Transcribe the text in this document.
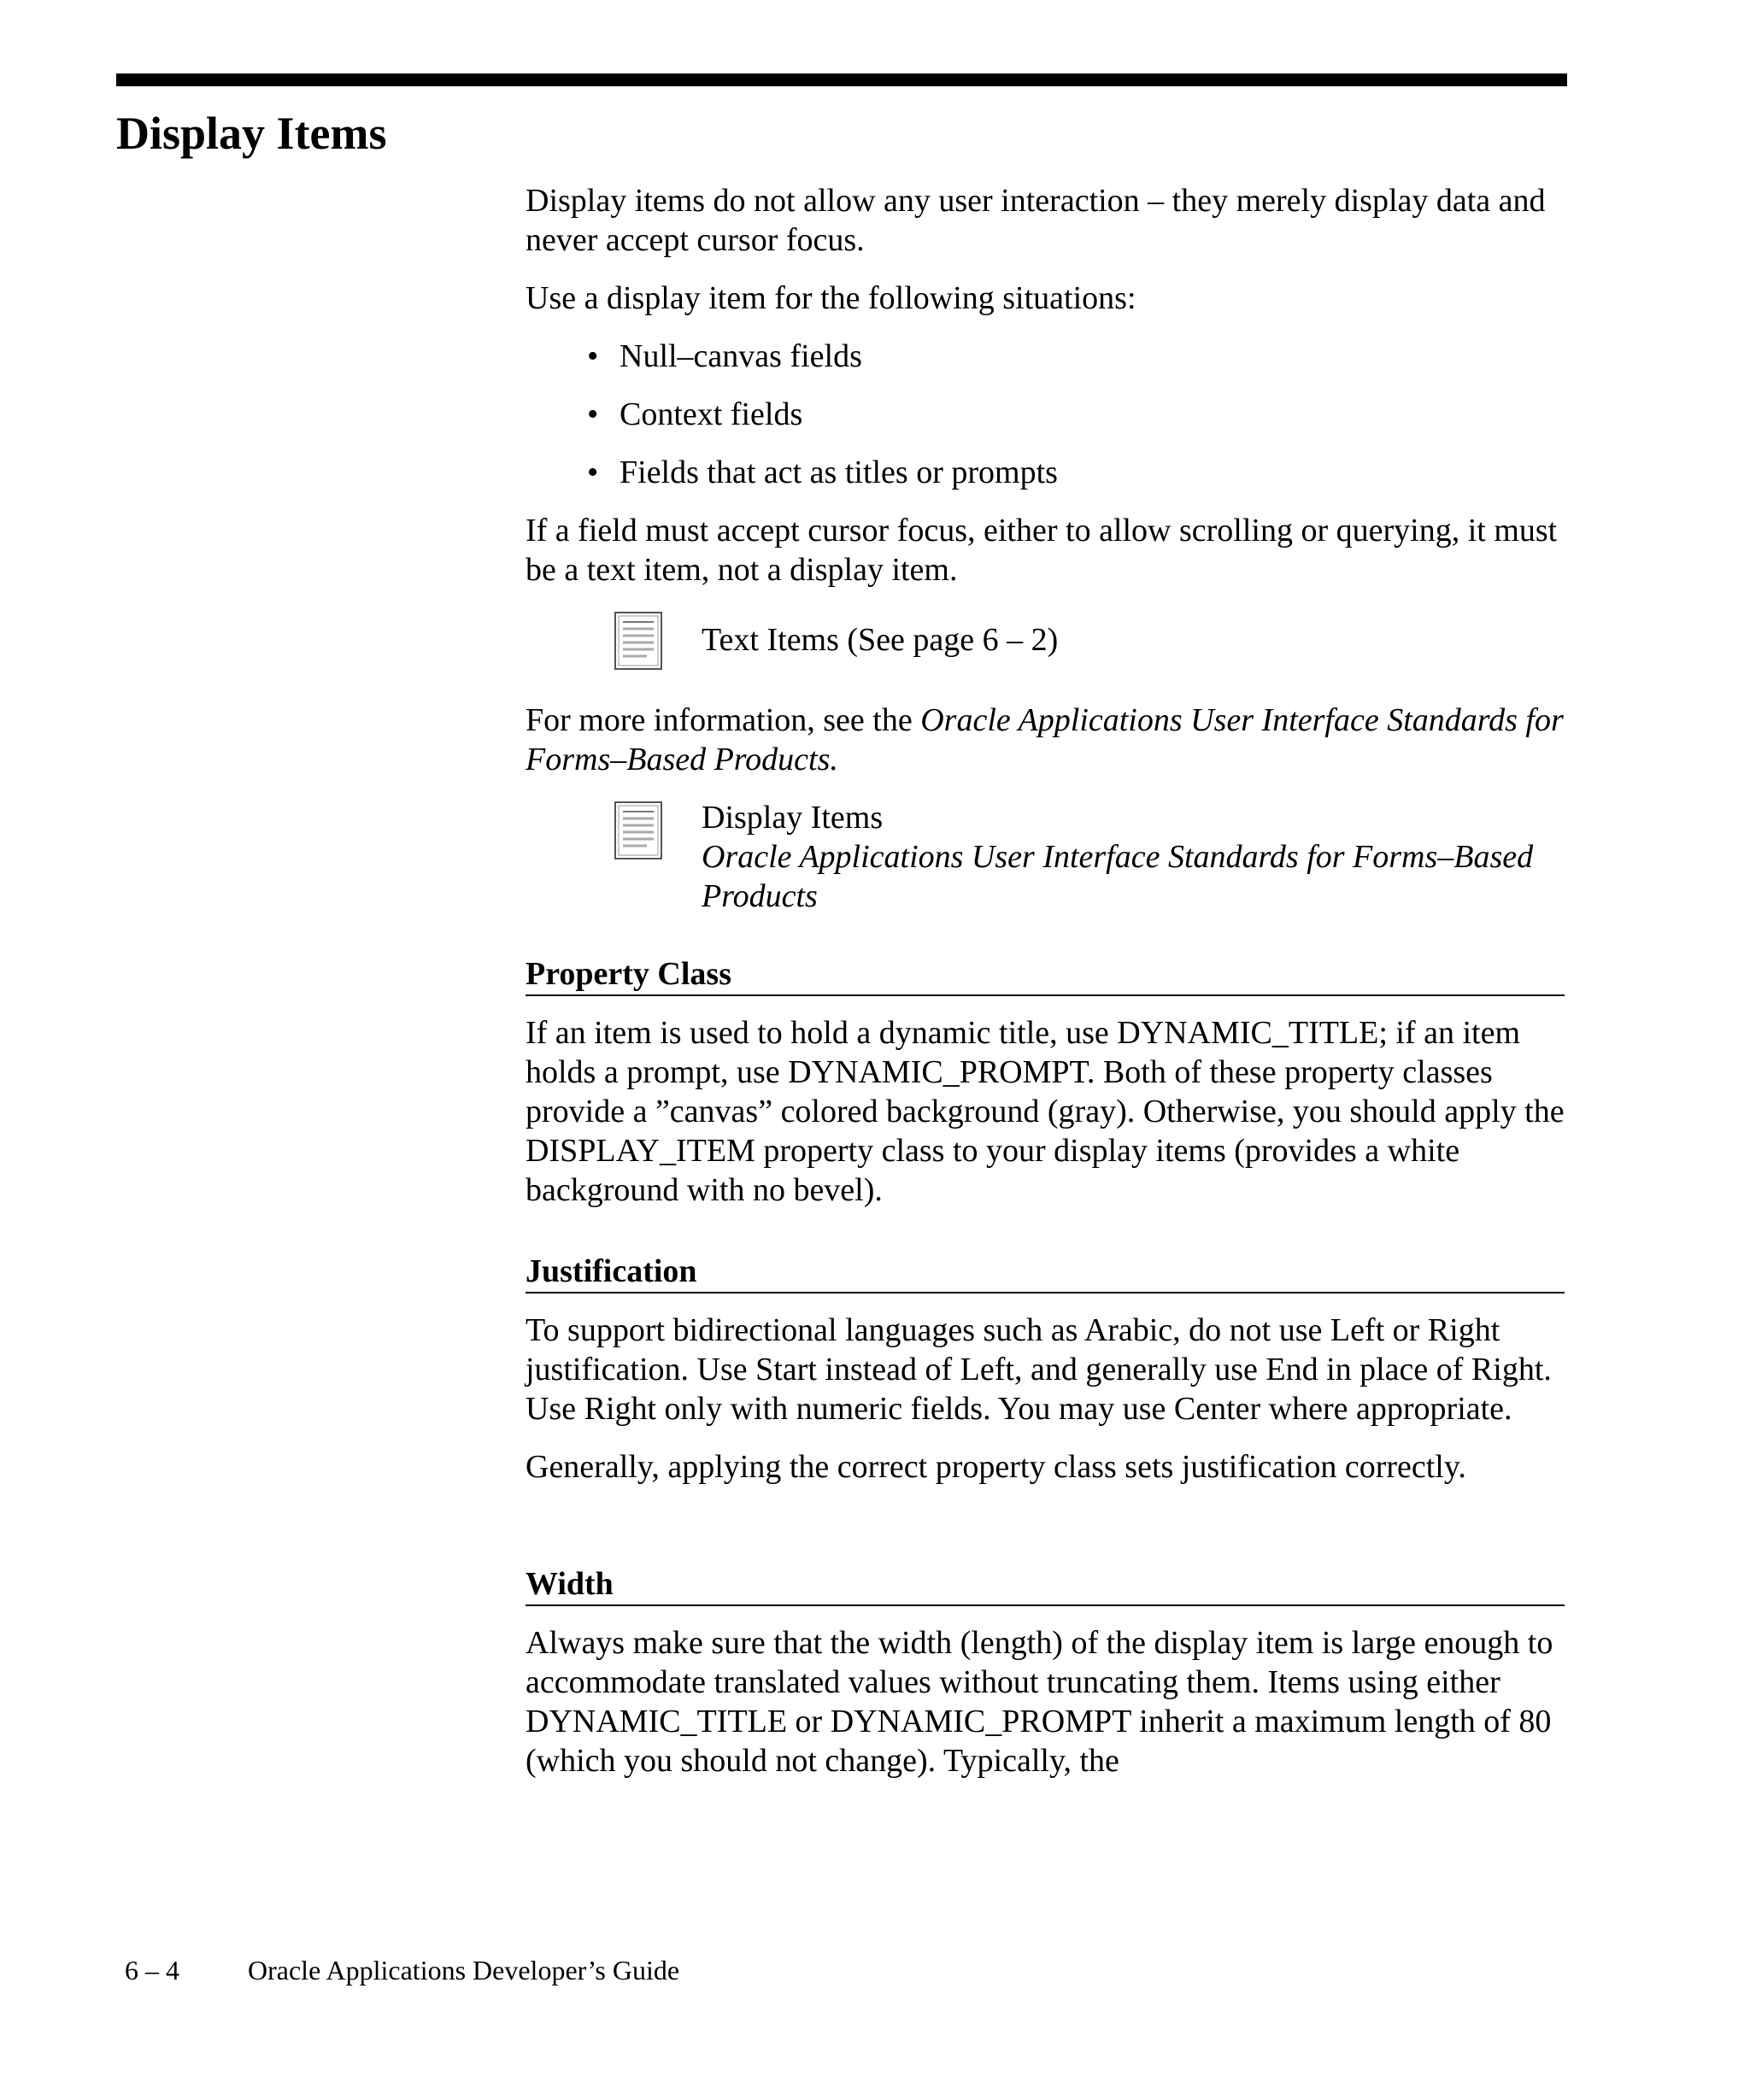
Display Items

Display items do not allow any user interaction – they merely display data and never accept cursor focus.

Use a display item for the following situations:

• Null–canvas fields
• Context fields
• Fields that act as titles or prompts

If a field must accept cursor focus, either to allow scrolling or querying, it must be a text item, not a display item.

Text Items (See page 6 – 2)

For more information, see the Oracle Applications User Interface Standards for Forms–Based Products.

Display Items
Oracle Applications User Interface Standards for Forms–Based Products
Property Class

If an item is used to hold a dynamic title, use DYNAMIC_TITLE; if an item holds a prompt, use DYNAMIC_PROMPT. Both of these property classes provide a ”canvas” colored background (gray). Otherwise, you should apply the DISPLAY_ITEM property class to your display items (provides a white background with no bevel).

Justification

To support bidirectional languages such as Arabic, do not use Left or Right justification. Use Start instead of Left, and generally use End in place of Right. Use Right only with numeric fields. You may use Center where appropriate.

Generally, applying the correct property class sets justification correctly.

Width

Always make sure that the width (length) of the display item is large enough to accommodate translated values without truncating them. Items using either DYNAMIC_TITLE or DYNAMIC_PROMPT inherit a maximum length of 80 (which you should not change). Typically, the

6 – 4	Oracle Applications Developer’s Guide
